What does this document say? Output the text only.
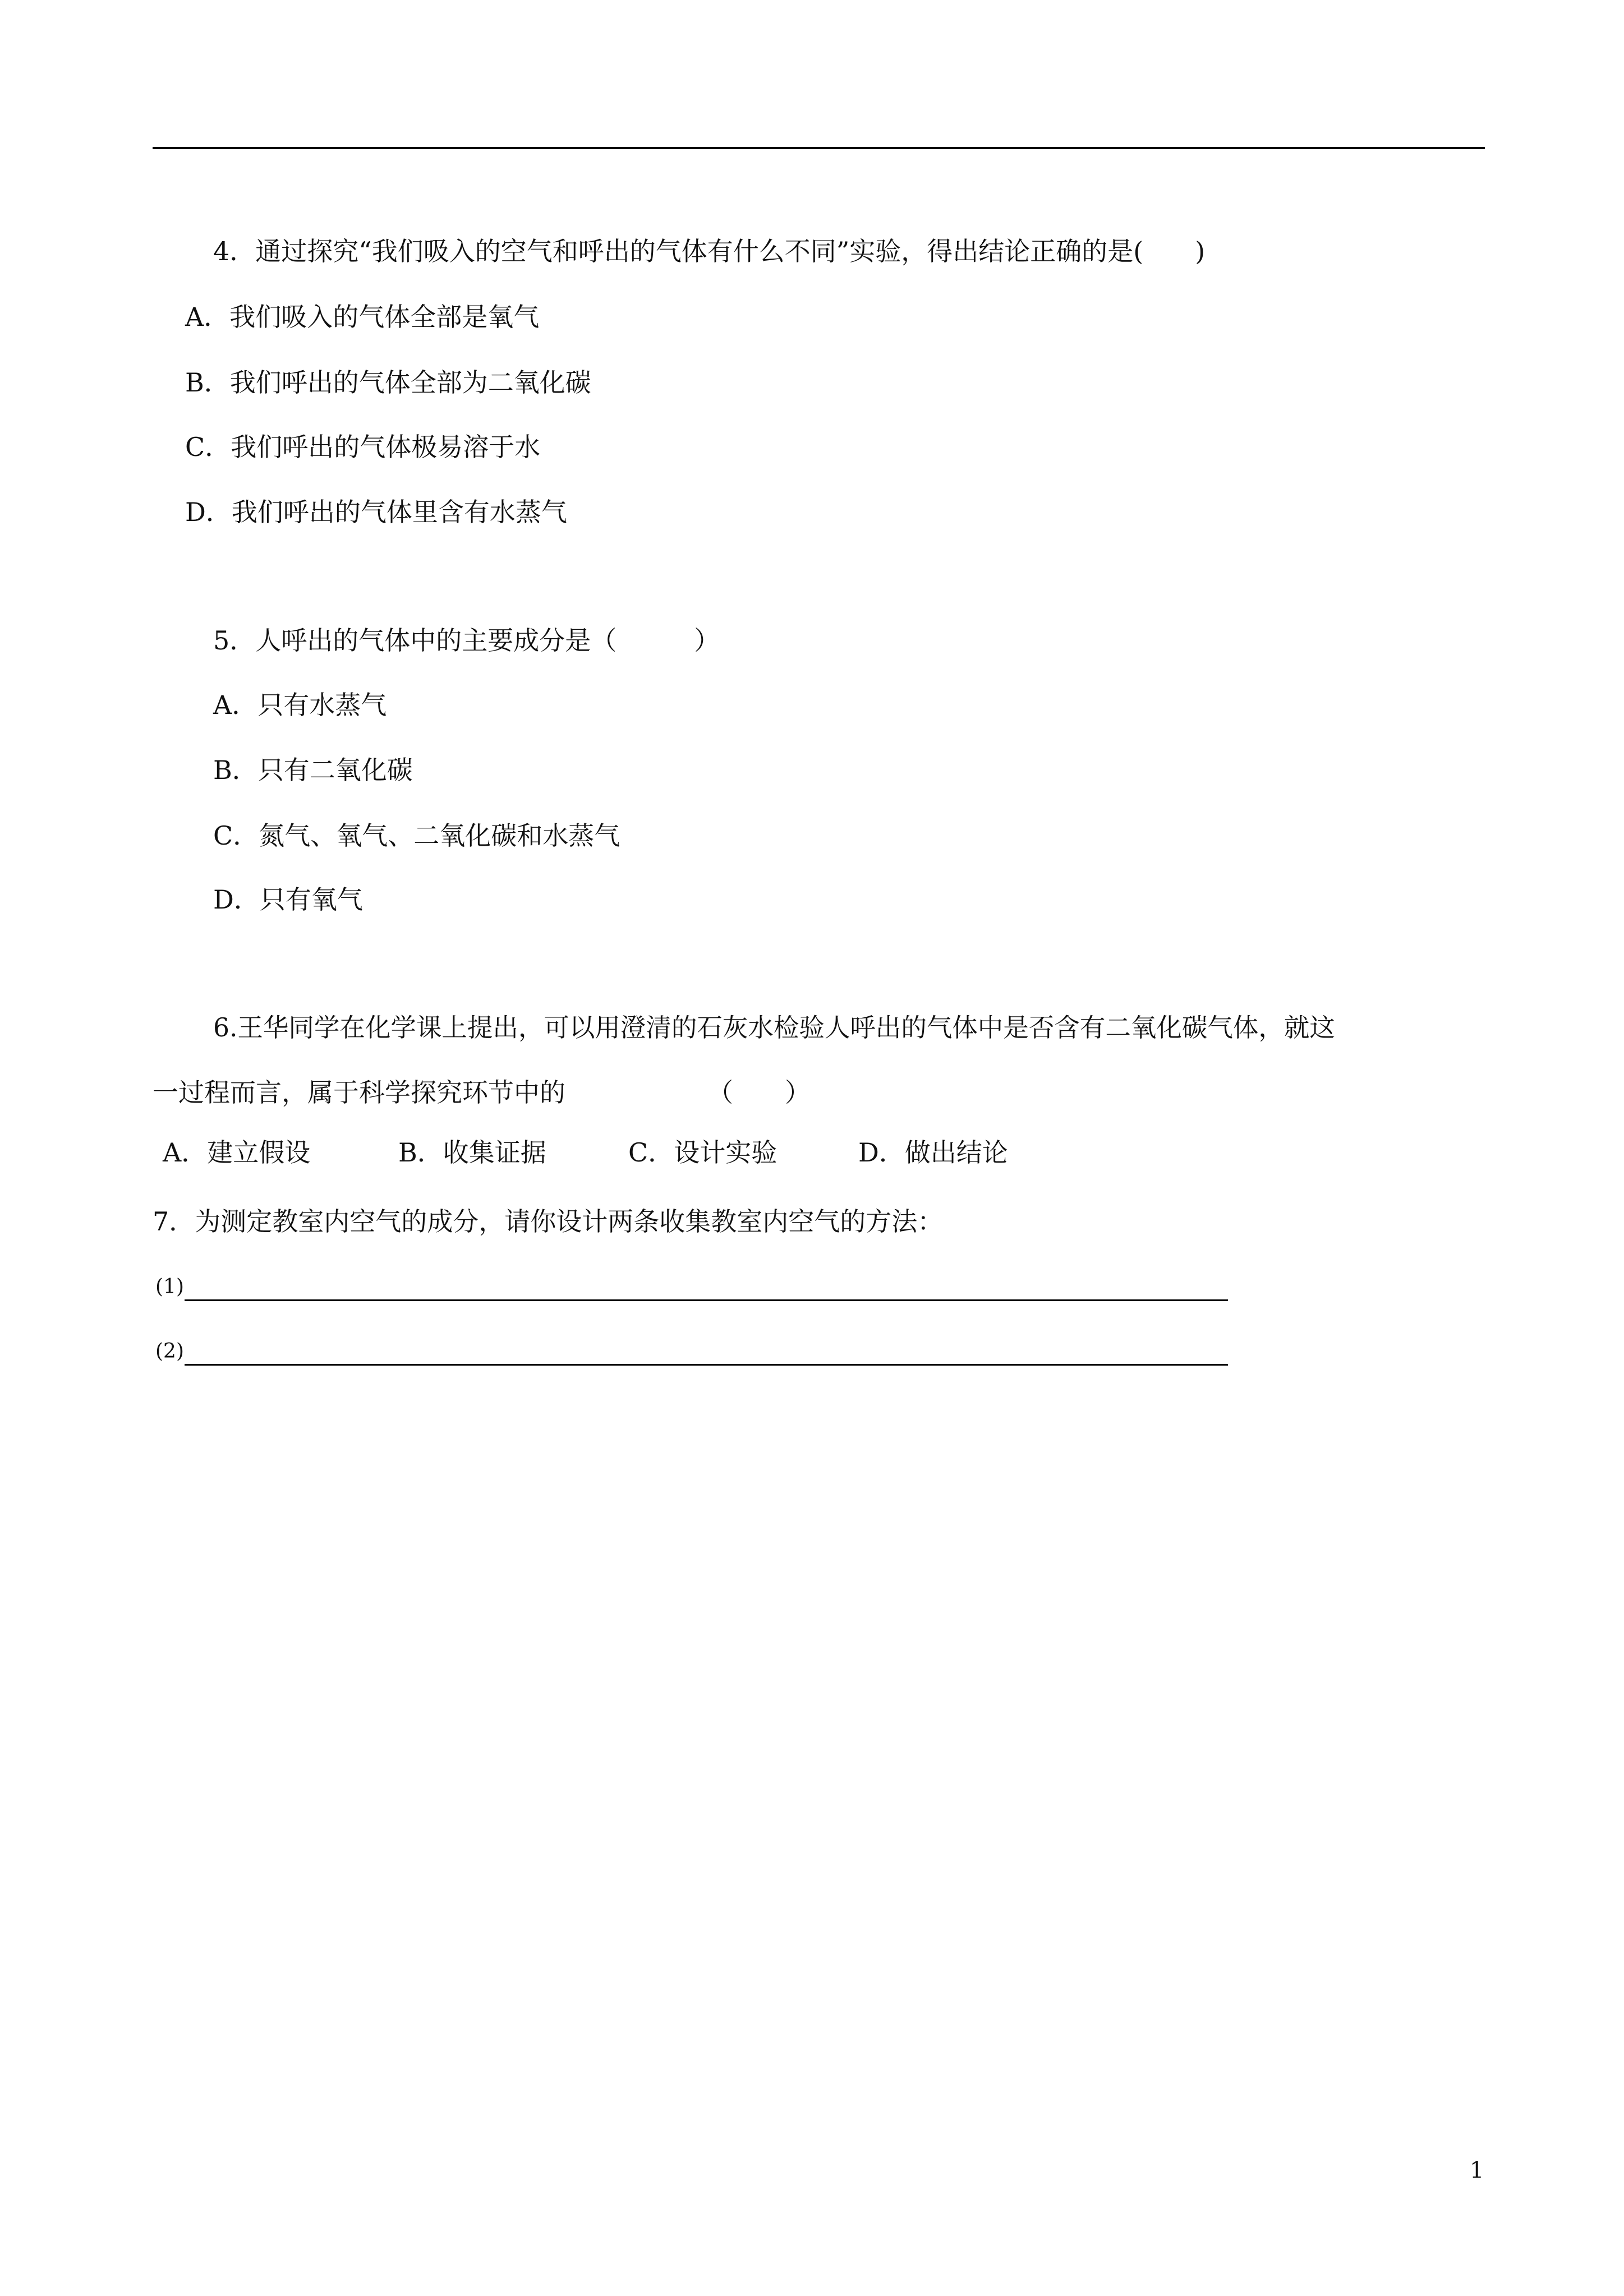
4．通过探究“我们吸入的空气和呼出的气体有什么不同”实验，得出结论正确的是(　　)
A．我们吸入的气体全部是氧气
B．我们呼出的气体全部为二氧化碳
C．我们呼出的气体极易溶于水
D．我们呼出的气体里含有水蒸气
5．人呼出的气体中的主要成分是（　　　）
A．只有水蒸气
B．只有二氧化碳
C．氮气、氧气、二氧化碳和水蒸气
D．只有氧气
6.王华同学在化学课上提出，可以用澄清的石灰水检验人呼出的气体中是否含有二氧化碳气体，就这
一过程而言，属于科学探究环节中的　　　　　　（　　）
A．建立假设	B．收集证据	C．设计实验	D．做出结论
7．为测定教室内空气的成分，请你设计两条收集教室内空气的方法：
(1)
(2)
1
